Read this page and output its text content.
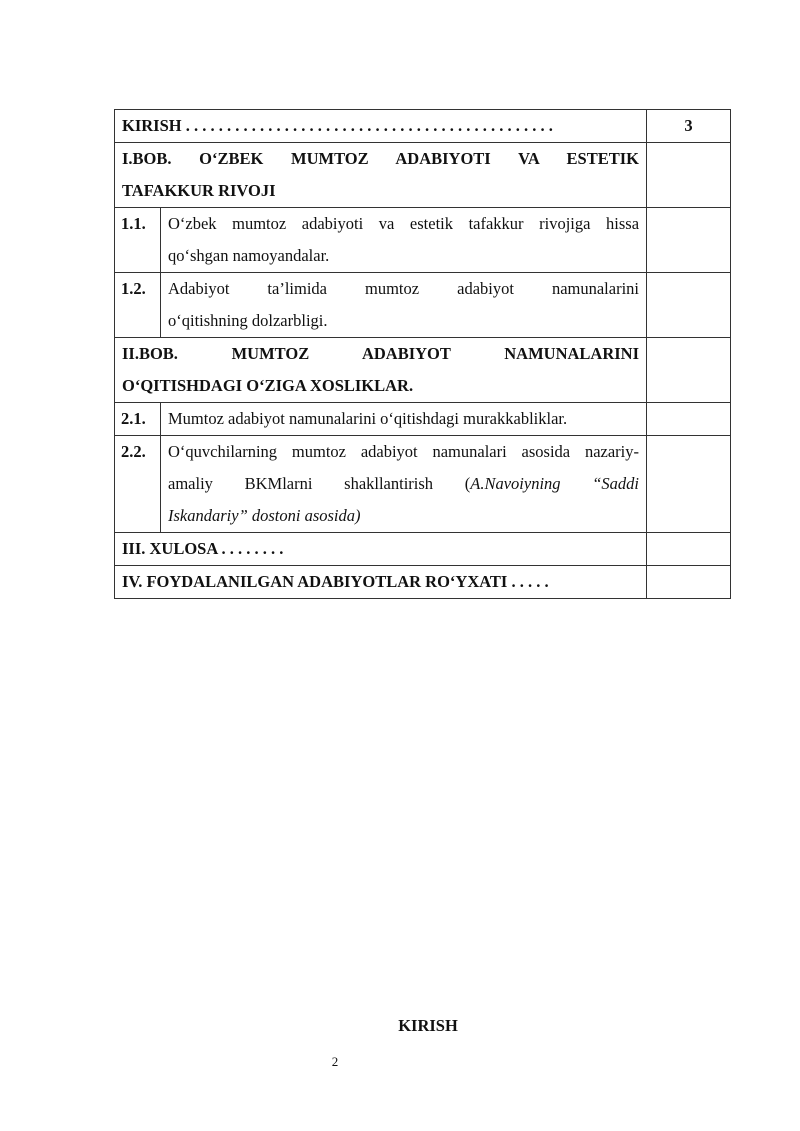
KIRISH . . . . . . . . . . . . . . . . . . . . . . . . . . . . . . . . . . . . . . . . . . . . .		3

I.BOB. O‘ZBEK MUMTOZ ADABIYOTI VA ESTETIK
TAFAKKUR RIVOJI		

1.1.	O‘zbek mumtoz adabiyoti va estetik tafakkur rivojiga hissa
qo‘shgan namoyandalar.	

1.2.	Adabiyot ta’limida mumtoz adabiyot namunalarini
o‘qitishning dolzarbligi.	

II.BOB. MUMTOZ ADABIYOT NAMUNALARINI
O‘QITISHDAGI O‘ZIGA XOSLIKLAR.		

2.1.	Mumtoz adabiyot namunalarini o‘qitishdagi murakkabliklar.	
2.2.	O‘quvchilarning mumtoz adabiyot namunalari asosida nazariy-
amaliy BKMlarni shakllantirish (A.Navoiyning “Saddi
Iskandariy” dostoni asosida)	

III. XULOSA . . . . . . . .		
IV. FOYDALANILGAN ADABIYOTLAR RO‘YXATI . . . . .		
KIRISH
2
